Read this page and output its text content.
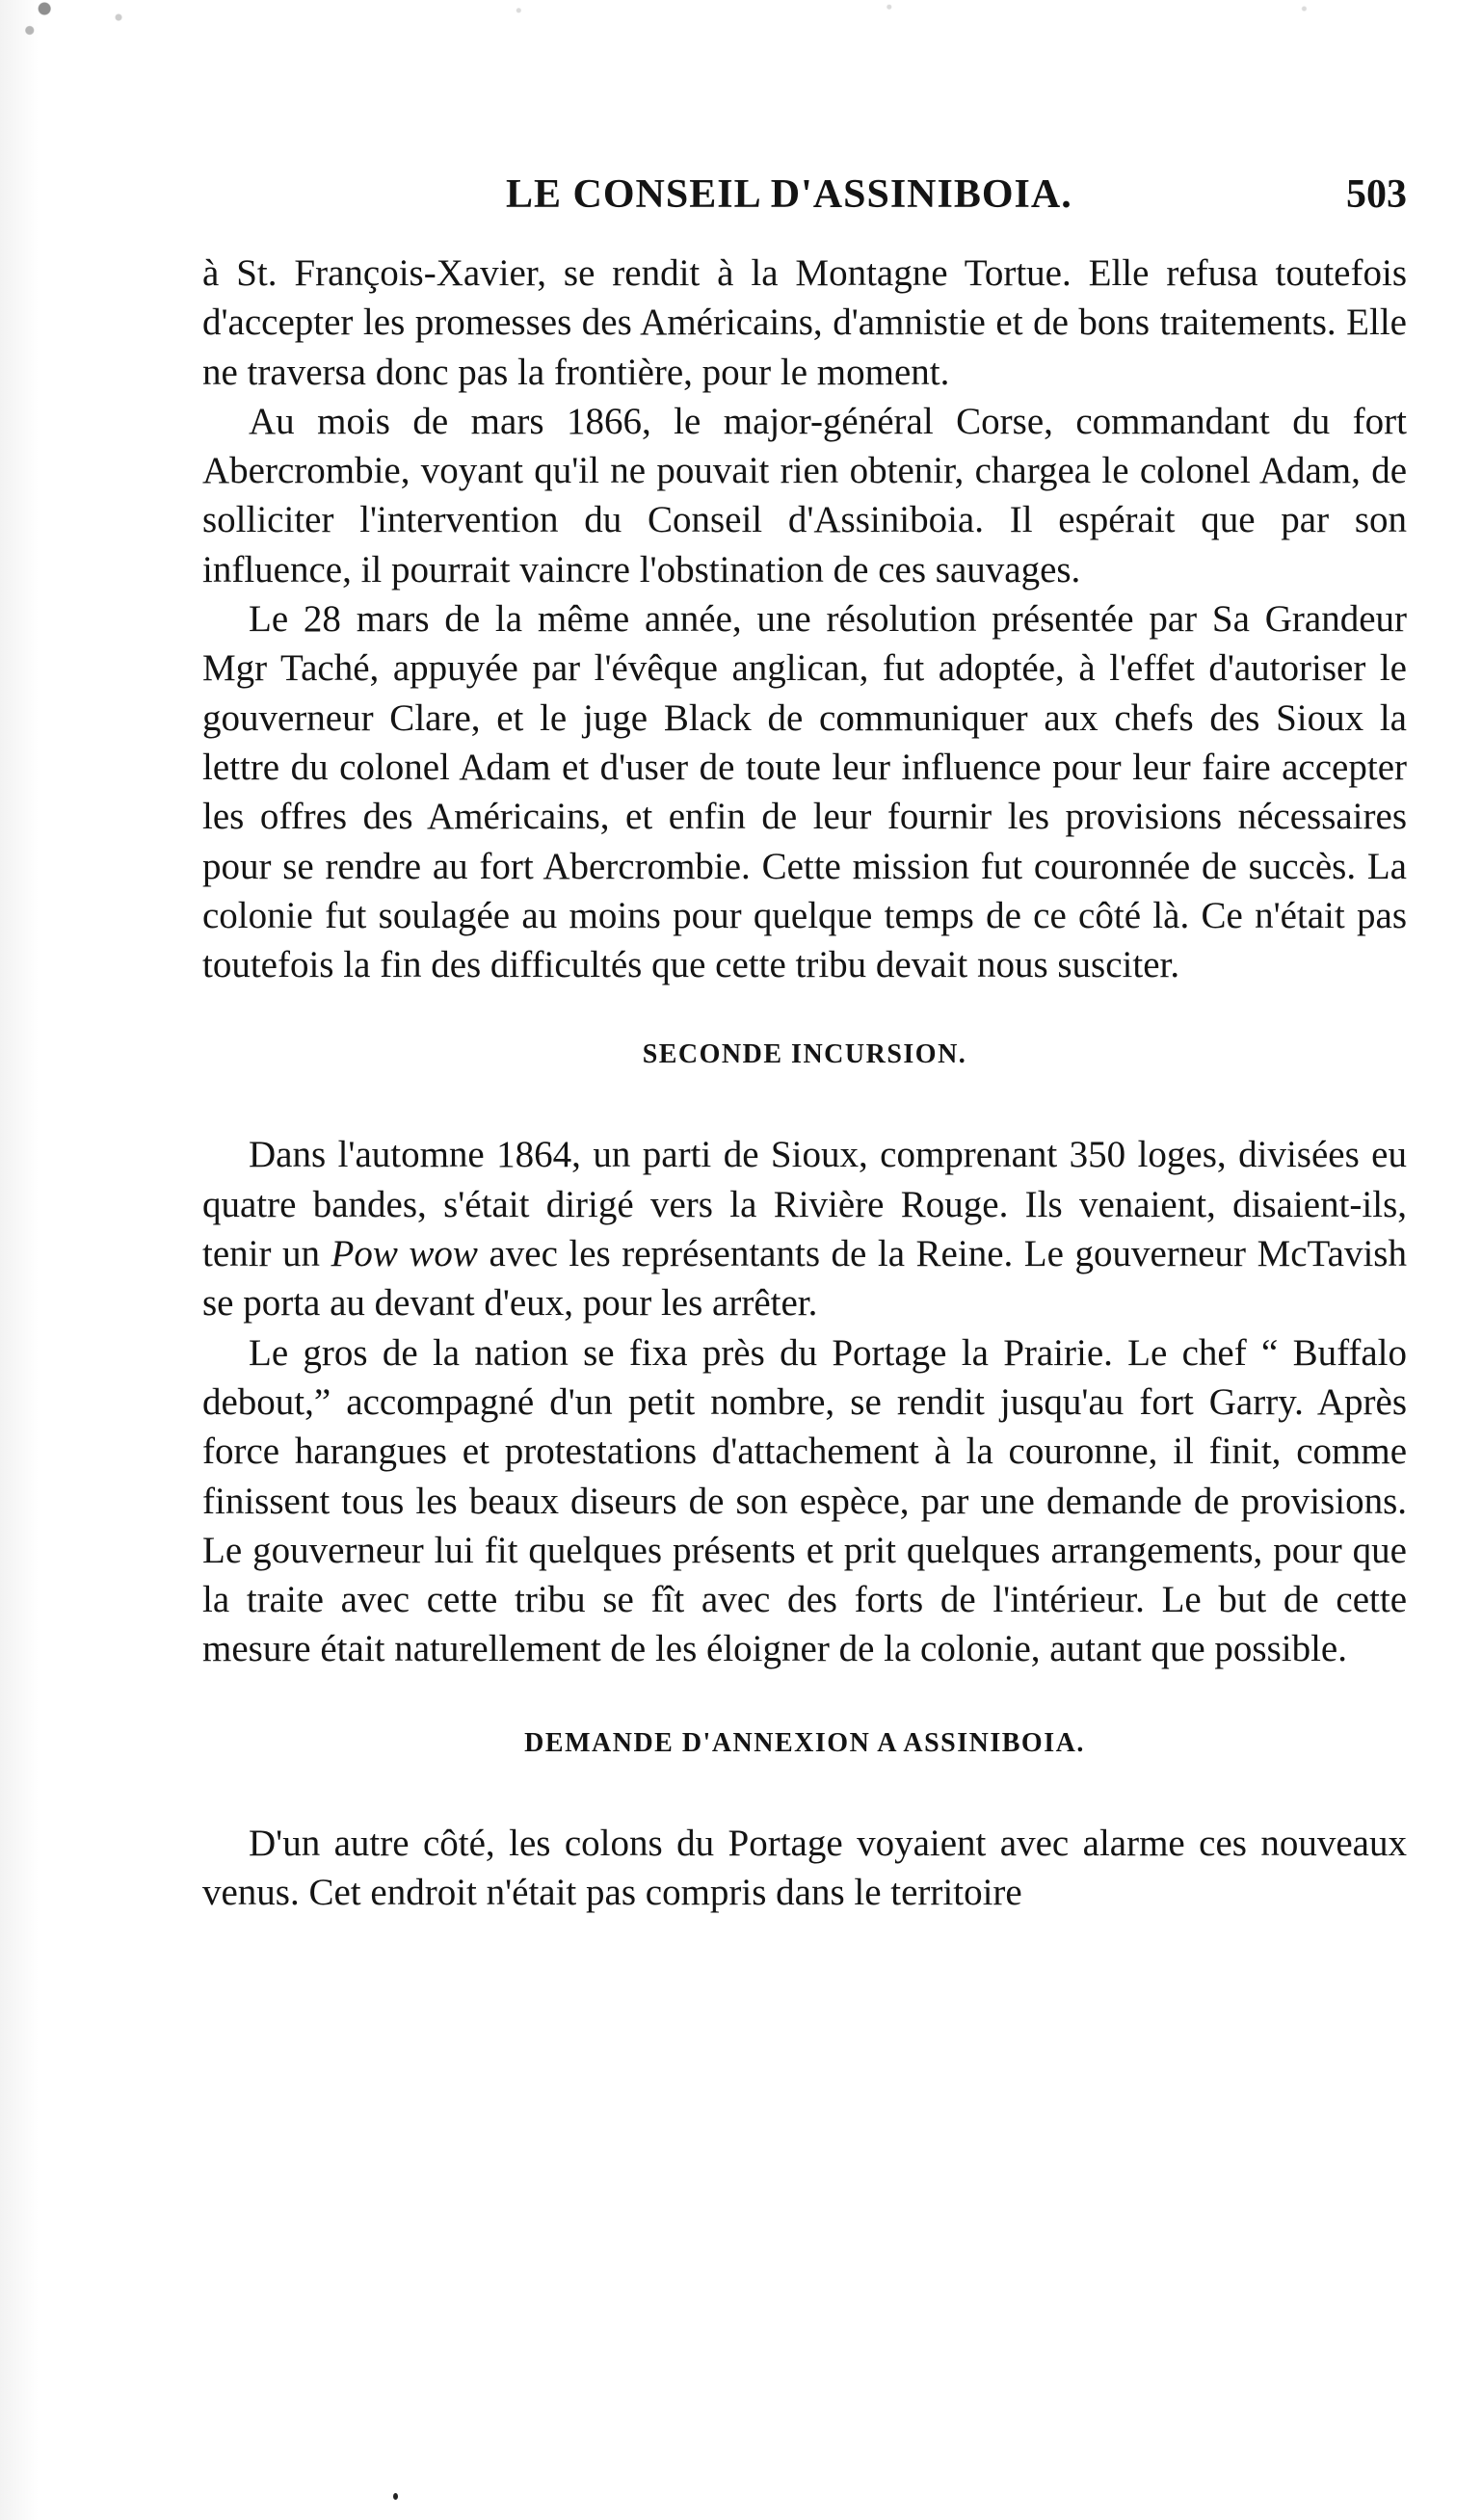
LE CONSEIL D'ASSINIBOIA.	503

à St. François-Xavier, se rendit à la Montagne Tortue. Elle refusa toutefois d'accepter les promesses des Américains, d'amnistie et de bons traitements. Elle ne traversa donc pas la frontière, pour le moment.

Au mois de mars 1866, le major-général Corse, commandant du fort Abercrombie, voyant qu'il ne pouvait rien obtenir, chargea le colonel Adam, de solliciter l'intervention du Conseil d'Assiniboia. Il espérait que par son influence, il pourrait vaincre l'obstination de ces sauvages.

Le 28 mars de la même année, une résolution présentée par Sa Grandeur Mgr Taché, appuyée par l'évêque anglican, fut adoptée, à l'effet d'autoriser le gouverneur Clare, et le juge Black de communiquer aux chefs des Sioux la lettre du colonel Adam et d'user de toute leur influence pour leur faire accepter les offres des Américains, et enfin de leur fournir les provisions nécessaires pour se rendre au fort Abercrombie. Cette mission fut couronnée de succès. La colonie fut soulagée au moins pour quelque temps de ce côté là. Ce n'était pas toutefois la fin des difficultés que cette tribu devait nous susciter.

SECONDE INCURSION.

Dans l'automne 1864, un parti de Sioux, comprenant 350 loges, divisées eu quatre bandes, s'était dirigé vers la Rivière Rouge. Ils venaient, disaient-ils, tenir un Pow wow avec les représentants de la Reine. Le gouverneur McTavish se porta au devant d'eux, pour les arrêter.

Le gros de la nation se fixa près du Portage la Prairie. Le chef “ Buffalo debout,” accompagné d'un petit nombre, se rendit jusqu'au fort Garry. Après force harangues et protestations d'attachement à la couronne, il finit, comme finissent tous les beaux diseurs de son espèce, par une demande de provisions. Le gouverneur lui fit quelques présents et prit quelques arrangements, pour que la traite avec cette tribu se fît avec des forts de l'intérieur. Le but de cette mesure était naturellement de les éloigner de la colonie, autant que possible.

DEMANDE D'ANNEXION A ASSINIBOIA.

D'un autre côté, les colons du Portage voyaient avec alarme ces nouveaux venus. Cet endroit n'était pas compris dans le territoire
